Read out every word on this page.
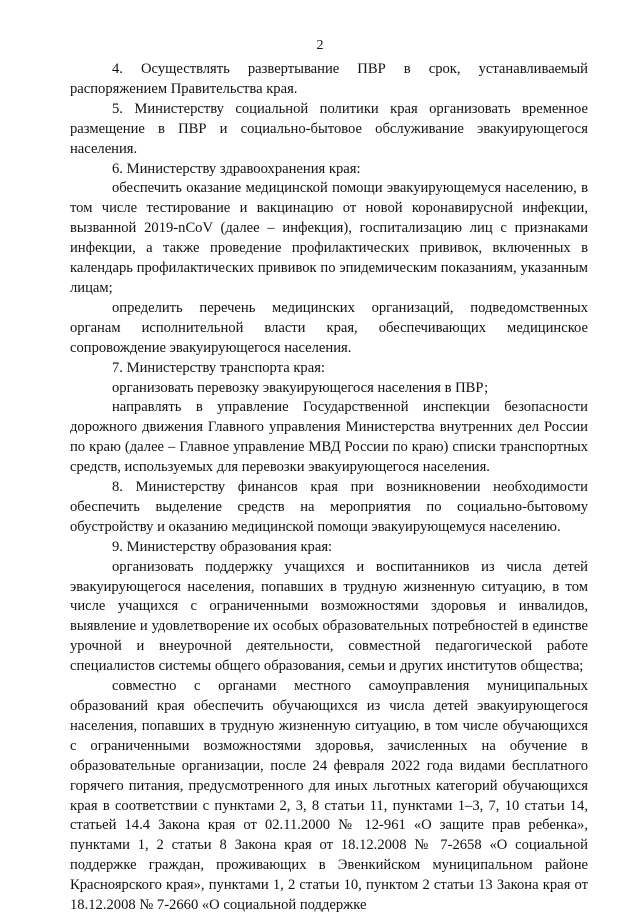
2

4. Осуществлять развертывание ПВР в срок, устанавливаемый распоряжением Правительства края.

5. Министерству социальной политики края организовать временное размещение в ПВР и социально-бытовое обслуживание эвакуирующегося населения.

6. Министерству здравоохранения края:

обеспечить оказание медицинской помощи эвакуирующемуся населению, в том числе тестирование и вакцинацию от новой коронавирусной инфекции, вызванной 2019-nCoV (далее – инфекция), госпитализацию лиц с признаками инфекции, а также проведение профилактических прививок, включенных в календарь профилактических прививок по эпидемическим показаниям, указанным лицам;

определить перечень медицинских организаций, подведомственных органам исполнительной власти края, обеспечивающих медицинское сопровождение эвакуирующегося населения.

7. Министерству транспорта края:

организовать перевозку эвакуирующегося населения в ПВР;

направлять в управление Государственной инспекции безопасности дорожного движения Главного управления Министерства внутренних дел России по краю (далее – Главное управление МВД России по краю) списки транспортных средств, используемых для перевозки эвакуирующегося населения.

8. Министерству финансов края при возникновении необходимости обеспечить выделение средств на мероприятия по социально-бытовому обустройству и оказанию медицинской помощи эвакуирующемуся населению.

9. Министерству образования края:

организовать поддержку учащихся и воспитанников из числа детей эвакуирующегося населения, попавших в трудную жизненную ситуацию, в том числе учащихся с ограниченными возможностями здоровья и инвалидов, выявление и удовлетворение их особых образовательных потребностей в единстве урочной и внеурочной деятельности, совместной педагогической работе специалистов системы общего образования, семьи и других институтов общества;

совместно с органами местного самоуправления муниципальных образований края обеспечить обучающихся из числа детей эвакуирующегося населения, попавших в трудную жизненную ситуацию, в том числе обучающихся с ограниченными возможностями здоровья, зачисленных на обучение в образовательные организации, после 24 февраля 2022 года видами бесплатного горячего питания, предусмотренного для иных льготных категорий обучающихся края в соответствии с пунктами 2, 3, 8 статьи 11, пунктами 1–3, 7, 10 статьи 14, статьей 14.4 Закона края от 02.11.2000 № 12-961 «О защите прав ребенка», пунктами 1, 2 статьи 8 Закона края от 18.12.2008 № 7-2658 «О социальной поддержке граждан, проживающих в Эвенкийском муниципальном районе Красноярского края», пунктами 1, 2 статьи 10, пунктом 2 статьи 13 Закона края от 18.12.2008 № 7-2660 «О социальной поддержке
